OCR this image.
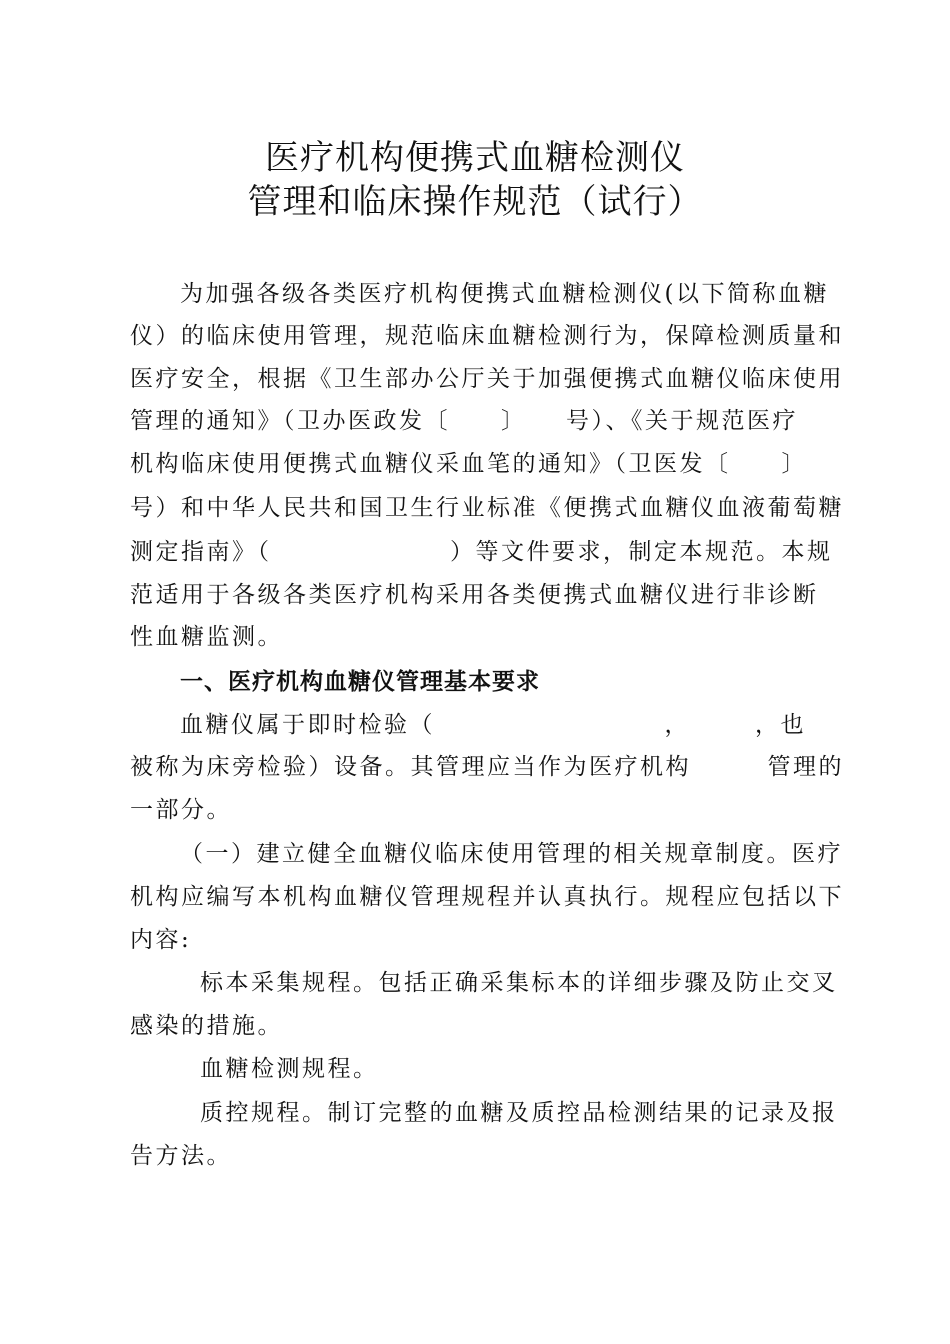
医疗机构便携式血糖检测仪
管理和临床操作规范（试行）
为加强各级各类医疗机构便携式血糖检测仪(以下简称血糖
仪）的临床使用管理，规范临床血糖检测行为，保障检测质量和
医疗安全，根据《卫生部办公厅关于加强便携式血糖仪临床使用
管理的通知》（卫办医政发〔　　〕　　号）、《关于规范医疗
机构临床使用便携式血糖仪采血笔的通知》（卫医发〔　　〕
号）和中华人民共和国卫生行业标准《便携式血糖仪血液葡萄糖
测定指南》（　　　　　　　）等文件要求，制定本规范。本规
范适用于各级各类医疗机构采用各类便携式血糖仪进行非诊断
性血糖监测。
一、医疗机构血糖仪管理基本要求
血糖仪属于即时检验（　　　　　　　　　，　　　，也
被称为床旁检验）设备。其管理应当作为医疗机构　　　管理的
一部分。
（一）建立健全血糖仪临床使用管理的相关规章制度。医疗
机构应编写本机构血糖仪管理规程并认真执行。规程应包括以下
内容:
标本采集规程。包括正确采集标本的详细步骤及防止交叉
感染的措施。
血糖检测规程。
质控规程。制订完整的血糖及质控品检测结果的记录及报
告方法。
